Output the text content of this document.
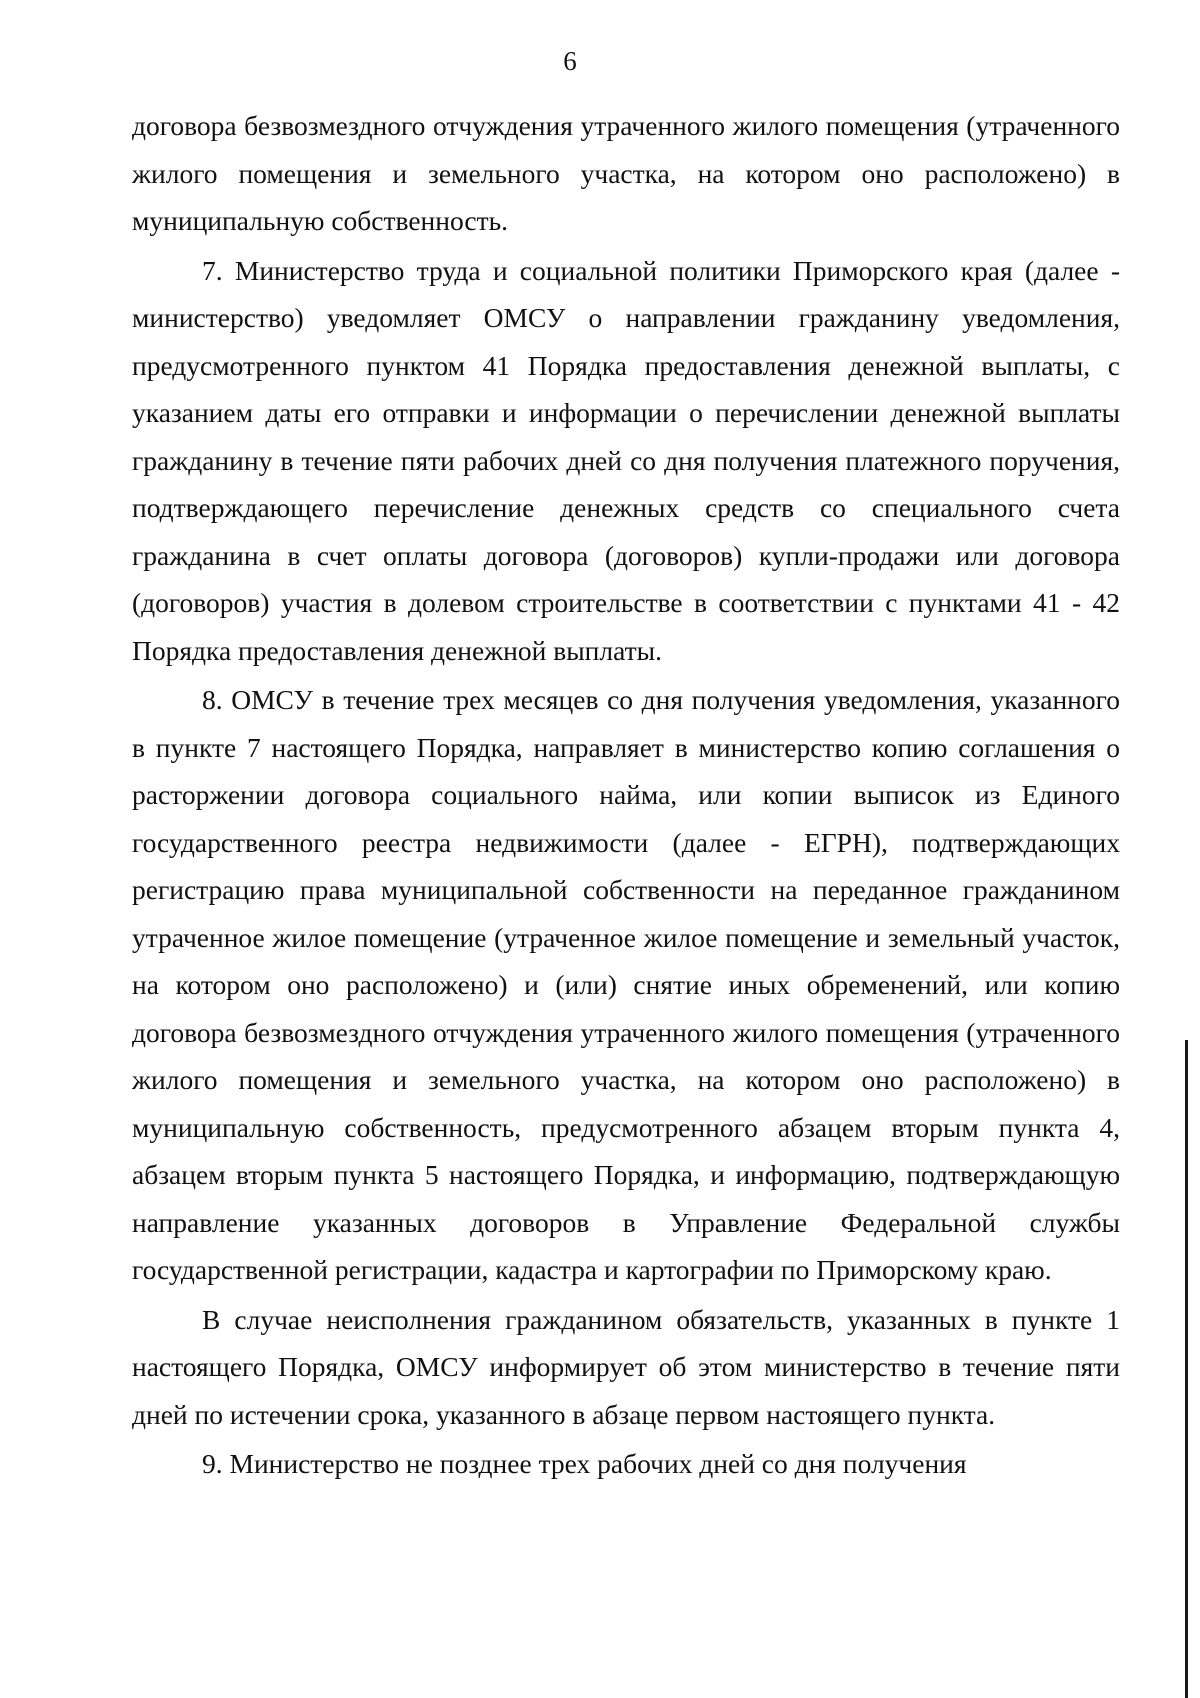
6

договора безвозмездного отчуждения утраченного жилого помещения (утраченного жилого помещения и земельного участка, на котором оно расположено) в муниципальную собственность.

7. Министерство труда и социальной политики Приморского края (далее - министерство) уведомляет ОМСУ о направлении гражданину уведомления, предусмотренного пунктом 41 Порядка предоставления денежной выплаты, с указанием даты его отправки и информации о перечислении денежной выплаты гражданину в течение пяти рабочих дней со дня получения платежного поручения, подтверждающего перечисление денежных средств со специального счета гражданина в счет оплаты договора (договоров) купли-продажи или договора (договоров) участия в долевом строительстве в соответствии с пунктами 41 - 42 Порядка предоставления денежной выплаты.

8. ОМСУ в течение трех месяцев со дня получения уведомления, указанного в пункте 7 настоящего Порядка, направляет в министерство копию соглашения о расторжении договора социального найма, или копии выписок из Единого государственного реестра недвижимости (далее - ЕГРН), подтверждающих регистрацию права муниципальной собственности на переданное гражданином утраченное жилое помещение (утраченное жилое помещение и земельный участок, на котором оно расположено) и (или) снятие иных обременений, или копию договора безвозмездного отчуждения утраченного жилого помещения (утраченного жилого помещения и земельного участка, на котором оно расположено) в муниципальную собственность, предусмотренного абзацем вторым пункта 4, абзацем вторым пункта 5 настоящего Порядка, и информацию, подтверждающую направление указанных договоров в Управление Федеральной службы государственной регистрации, кадастра и картографии по Приморскому краю.

В случае неисполнения гражданином обязательств, указанных в пункте 1 настоящего Порядка, ОМСУ информирует об этом министерство в течение пяти дней по истечении срока, указанного в абзаце первом настоящего пункта.

9. Министерство не позднее трех рабочих дней со дня получения
